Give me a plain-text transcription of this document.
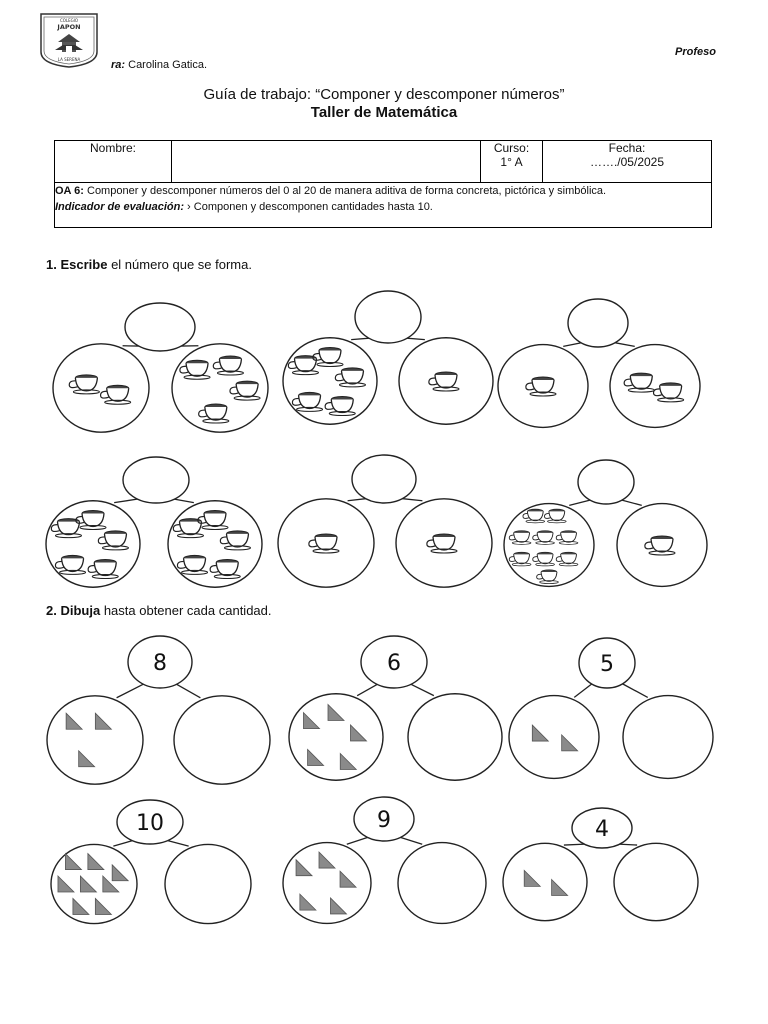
COLEGIO
JAPON
LA SERENA
Profeso
ra: Carolina Gatica.
Guía de trabajo: “Componer y descomponer números”
Taller de Matemática
Nombre:		Curso:
1° A

Fecha:
……./05/2025

OA 6: Componer y descomponer números del 0 al 20 de manera aditiva de forma concreta, pictórica y simbólica.
Indicador de evaluación: › Componen y descomponen cantidades hasta 10.
1. Escribe el número que se forma.
2. Dibuja hasta obtener cada cantidad.
8	6	5
10	9	4
